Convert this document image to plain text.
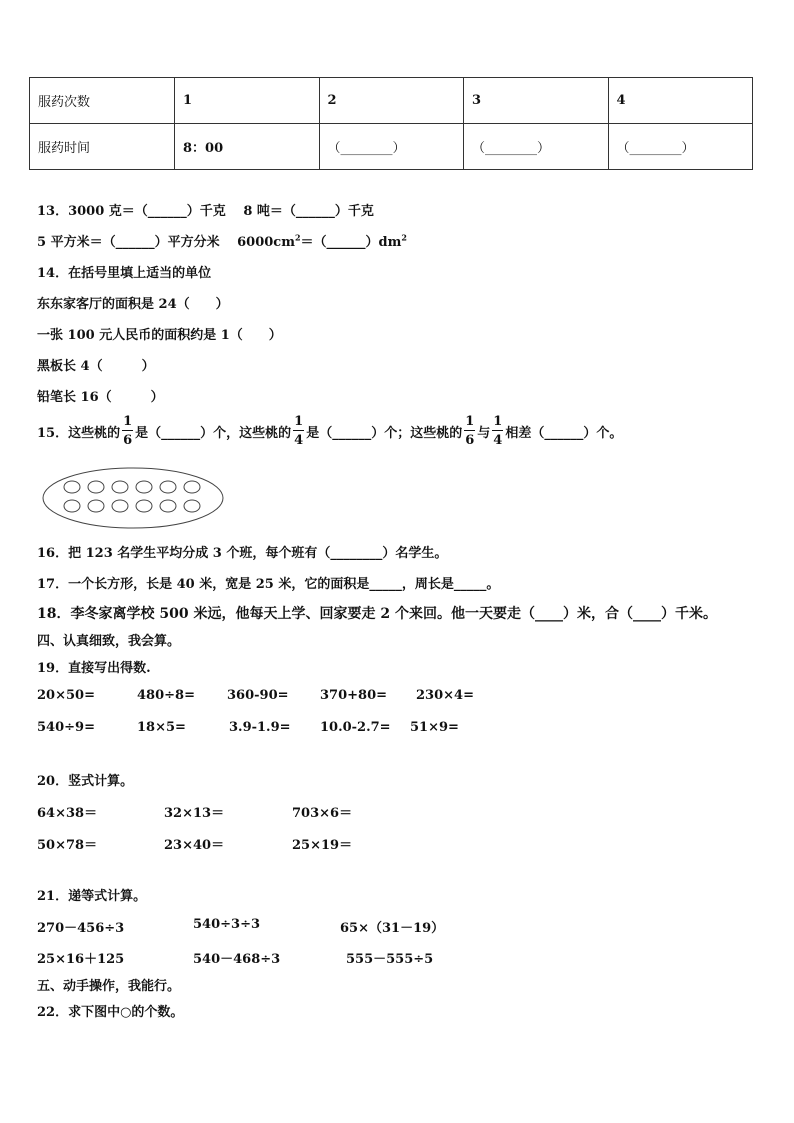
服药次数	1	2	3	4
服药时间	8：00	（________）	（________）	（________）
13．3000 克＝（______）千克　 8 吨＝（______）千克
5 平方米＝（______）平方分米　 $6000cm^2=(\_\_\_\_\_\_)dm^2$
14．在括号里填上适当的单位
东东家客厅的面积是 24（　　）
一张 100 元人民币的面积约是 1（　　）
黑板长 4（　　　）
铅笔长 16（　　　）
15．这些桃的 $\frac{1}{6}$ 是（______）个，这些桃的 $\frac{1}{4}$ 是（______）个；这些桃的 $\frac{1}{6}$ 与 $\frac{1}{4}$ 相差（______）个。
16．把 123 名学生平均分成 3 个班，每个班有（________）名学生。
17．一个长方形，长是 40 米，宽是 25 米，它的面积是_____，周长是_____。
18．李冬家离学校 500 米远，他每天上学、回家要走 2 个来回。他一天要走（____）米，合（____）千米。
四、认真细致，我会算。
19．直接写出得数.
20×50=	480÷8= 360-90= 370+80= 230×4=
540÷9=	18×5=	3.9-1.9= 10.0-2.7= 51×9=
20．竖式计算。
64×38＝	32×13＝	703×6＝
50×78＝	23×40＝	25×19＝
21．递等式计算。
270－456÷3	540÷3÷3	65×（31－19）
25×16＋125	540－468÷3	555－555÷5
五、动手操作，我能行。
22．求下图中○的个数。
